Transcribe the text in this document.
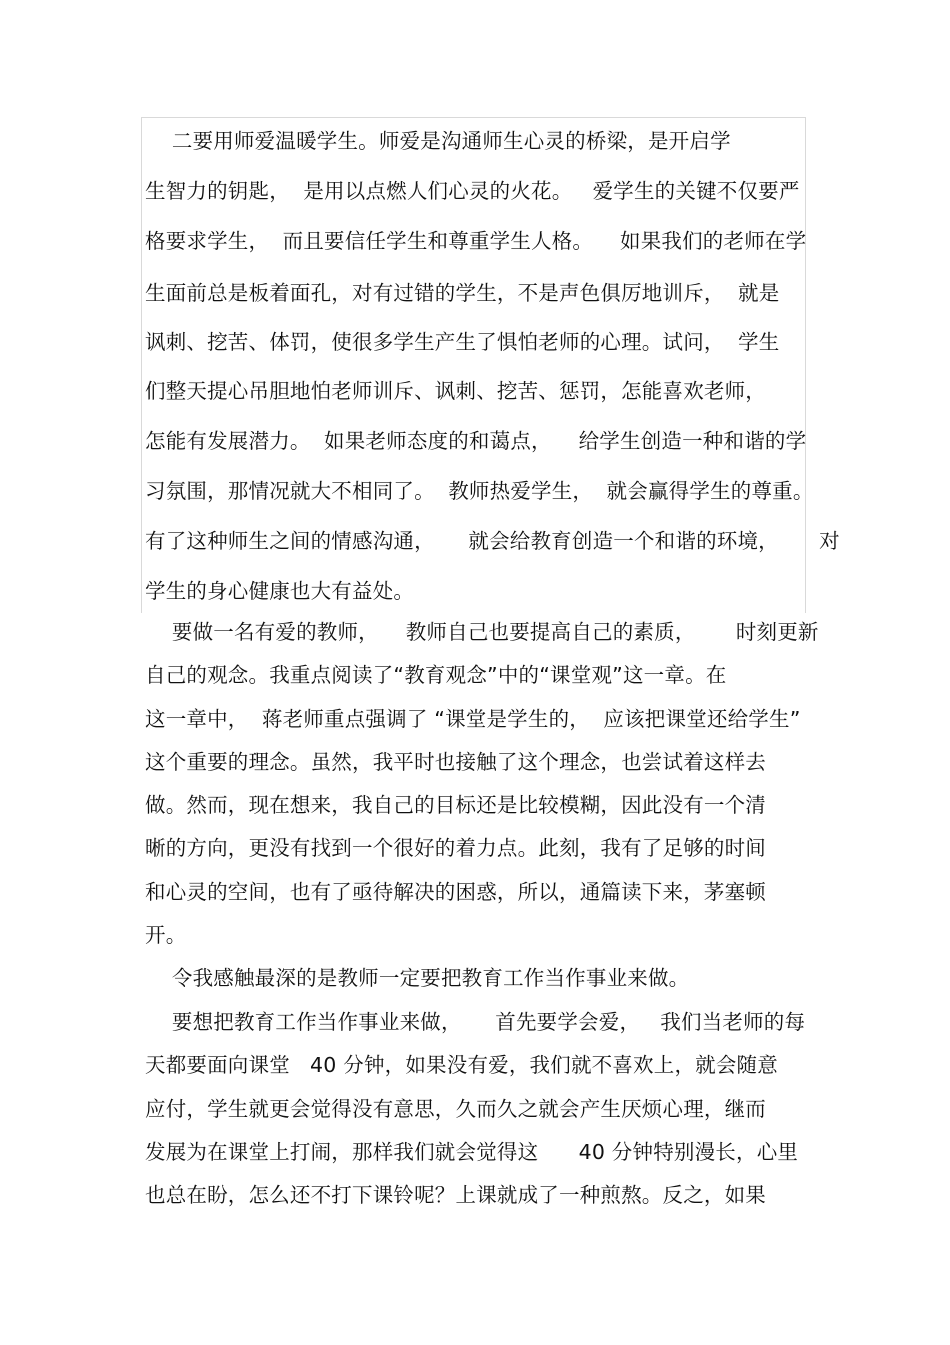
二要用师爱温暖学生。师爱是沟通师生心灵的桥梁，是开启学
生智力的钥匙，  是用以点燃人们心灵的火花。   爱学生的关键不仅要严
格要求学生，  而且要信任学生和尊重学生人格。    如果我们的老师在学
生面前总是板着面孔，对有过错的学生，不是声色俱厉地训斥，  就是
讽刺、挖苦、体罚，使很多学生产生了惧怕老师的心理。试问，  学生
们整天提心吊胆地怕老师训斥、讽刺、挖苦、惩罚，怎能喜欢老师，
怎能有发展潜力。  如果老师态度的和蔼点，    给学生创造一种和谐的学
习氛围，那情况就大不相同了。  教师热爱学生，  就会赢得学生的尊重。
有了这种师生之间的情感沟通，     就会给教育创造一个和谐的环境，      对
学生的身心健康也大有益处。
要做一名有爱的教师，    教师自己也要提高自己的素质，      时刻更新
自己的观念。我重点阅读了“教育观念”中的“课堂观”这一章。在
这一章中，  蒋老师重点强调了 “课堂是学生的，  应该把课堂还给学生”
这个重要的理念。虽然，我平时也接触了这个理念，也尝试着这样去
做。然而，现在想来，我自己的目标还是比较模糊，因此没有一个清
晰的方向，更没有找到一个很好的着力点。此刻，我有了足够的时间
和心灵的空间，也有了亟待解决的困惑，所以，通篇读下来，茅塞顿
开。
令我感触最深的是教师一定要把教育工作当作事业来做。
要想把教育工作当作事业来做，     首先要学会爱，   我们当老师的每
天都要面向课堂   40 分钟，如果没有爱，我们就不喜欢上，就会随意
应付，学生就更会觉得没有意思，久而久之就会产生厌烦心理，继而
发展为在课堂上打闹，那样我们就会觉得这      40 分钟特别漫长，心里
也总在盼，怎么还不打下课铃呢？上课就成了一种煎熬。反之，如果
